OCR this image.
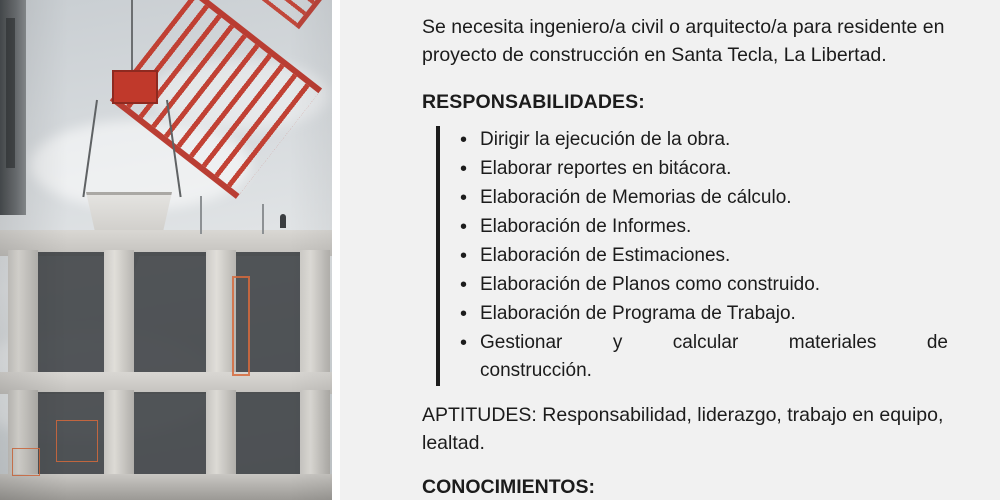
Se necesita ingeniero/a civil o arquitecto/a para residente en proyecto de construcción en Santa Tecla, La Libertad.

RESPONSABILIDADES:
• Dirigir la ejecución de la obra.
• Elaborar reportes en bitácora.
• Elaboración de Memorias de cálculo.
• Elaboración de Informes.
• Elaboración de Estimaciones.
• Elaboración de Planos como construido.
• Elaboración de Programa de Trabajo.
• Gestionar y calcular materiales de
construcción.

APTITUDES: Responsabilidad, liderazgo, trabajo en equipo, lealtad.

CONOCIMIENTOS:
